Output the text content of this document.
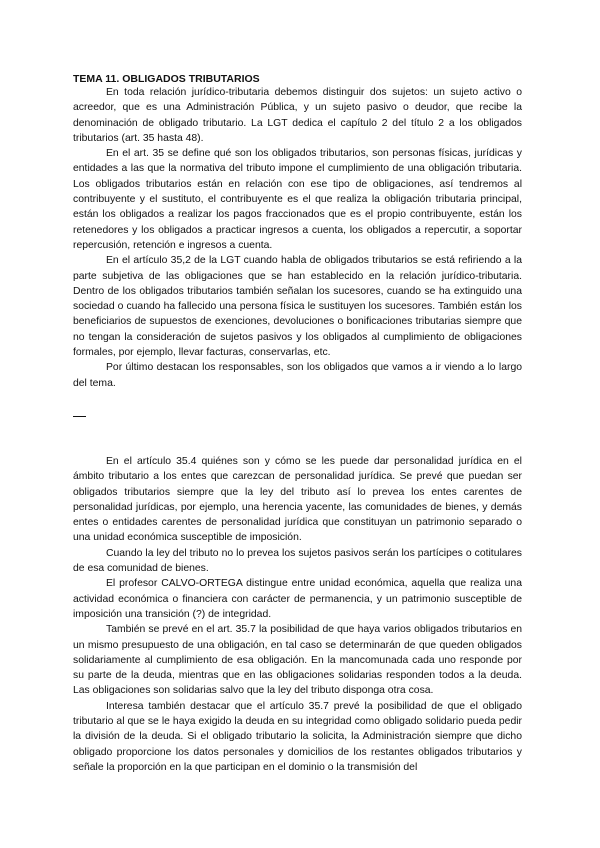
TEMA 11. OBLIGADOS TRIBUTARIOS

En toda relación jurídico-tributaria debemos distinguir dos sujetos: un sujeto activo o acreedor, que es una Administración Pública, y un sujeto pasivo o deudor, que recibe la denominación de obligado tributario. La LGT dedica el capítulo 2 del título 2 a los obligados tributarios (art. 35 hasta 48).

En el art. 35 se define qué son los obligados tributarios, son personas físicas, jurídicas y entidades a las que la normativa del tributo impone el cumplimiento de una obligación tributaria. Los obligados tributarios están en relación con ese tipo de obligaciones, así tendremos al contribuyente y el sustituto, el contribuyente es el que realiza la obligación tributaria principal, están los obligados a realizar los pagos fraccionados que es el propio contribuyente, están los retenedores y los obligados a practicar ingresos a cuenta, los obligados a repercutir, a soportar repercusión, retención e ingresos a cuenta.

En el artículo 35,2 de la LGT cuando habla de obligados tributarios se está refiriendo a la parte subjetiva de las obligaciones que se han establecido en la relación jurídico-tributaria. Dentro de los obligados tributarios también señalan los sucesores, cuando se ha extinguido una sociedad o cuando ha fallecido una persona física le sustituyen los sucesores. También están los beneficiarios de supuestos de exenciones, devoluciones o bonificaciones tributarias siempre que no tengan la consideración de sujetos pasivos y los obligados al cumplimiento de obligaciones formales, por ejemplo, llevar facturas, conservarlas, etc.

Por último destacan los responsables, son los obligados que vamos a ir viendo a lo largo del tema.

En el artículo 35.4 quiénes son y cómo se les puede dar personalidad jurídica en el ámbito tributario a los entes que carezcan de personalidad jurídica. Se prevé que puedan ser obligados tributarios siempre que la ley del tributo así lo prevea los entes carentes de personalidad jurídicas, por ejemplo, una herencia yacente, las comunidades de bienes, y demás entes o entidades carentes de personalidad jurídica que constituyan un patrimonio separado o una unidad económica susceptible de imposición.

Cuando la ley del tributo no lo prevea los sujetos pasivos serán los partícipes o cotitulares de esa comunidad de bienes.

El profesor CALVO-ORTEGA distingue entre unidad económica, aquella que realiza una actividad económica o financiera con carácter de permanencia, y un patrimonio susceptible de imposición una transición (?) de integridad.

También se prevé en el art. 35.7 la posibilidad de que haya varios obligados tributarios en un mismo presupuesto de una obligación, en tal caso se determinarán de que queden obligados solidariamente al cumplimiento de esa obligación. En la mancomunada cada uno responde por su parte de la deuda, mientras que en las obligaciones solidarias responden todos a la deuda. Las obligaciones son solidarias salvo que la ley del tributo disponga otra cosa.

Interesa también destacar que el artículo 35.7 prevé la posibilidad de que el obligado tributario al que se le haya exigido la deuda en su integridad como obligado solidario pueda pedir la división de la deuda. Si el obligado tributario la solicita, la Administración siempre que dicho obligado proporcione los datos personales y domicilios de los restantes obligados tributarios y señale la proporción en la que participan en el dominio o la transmisión del
